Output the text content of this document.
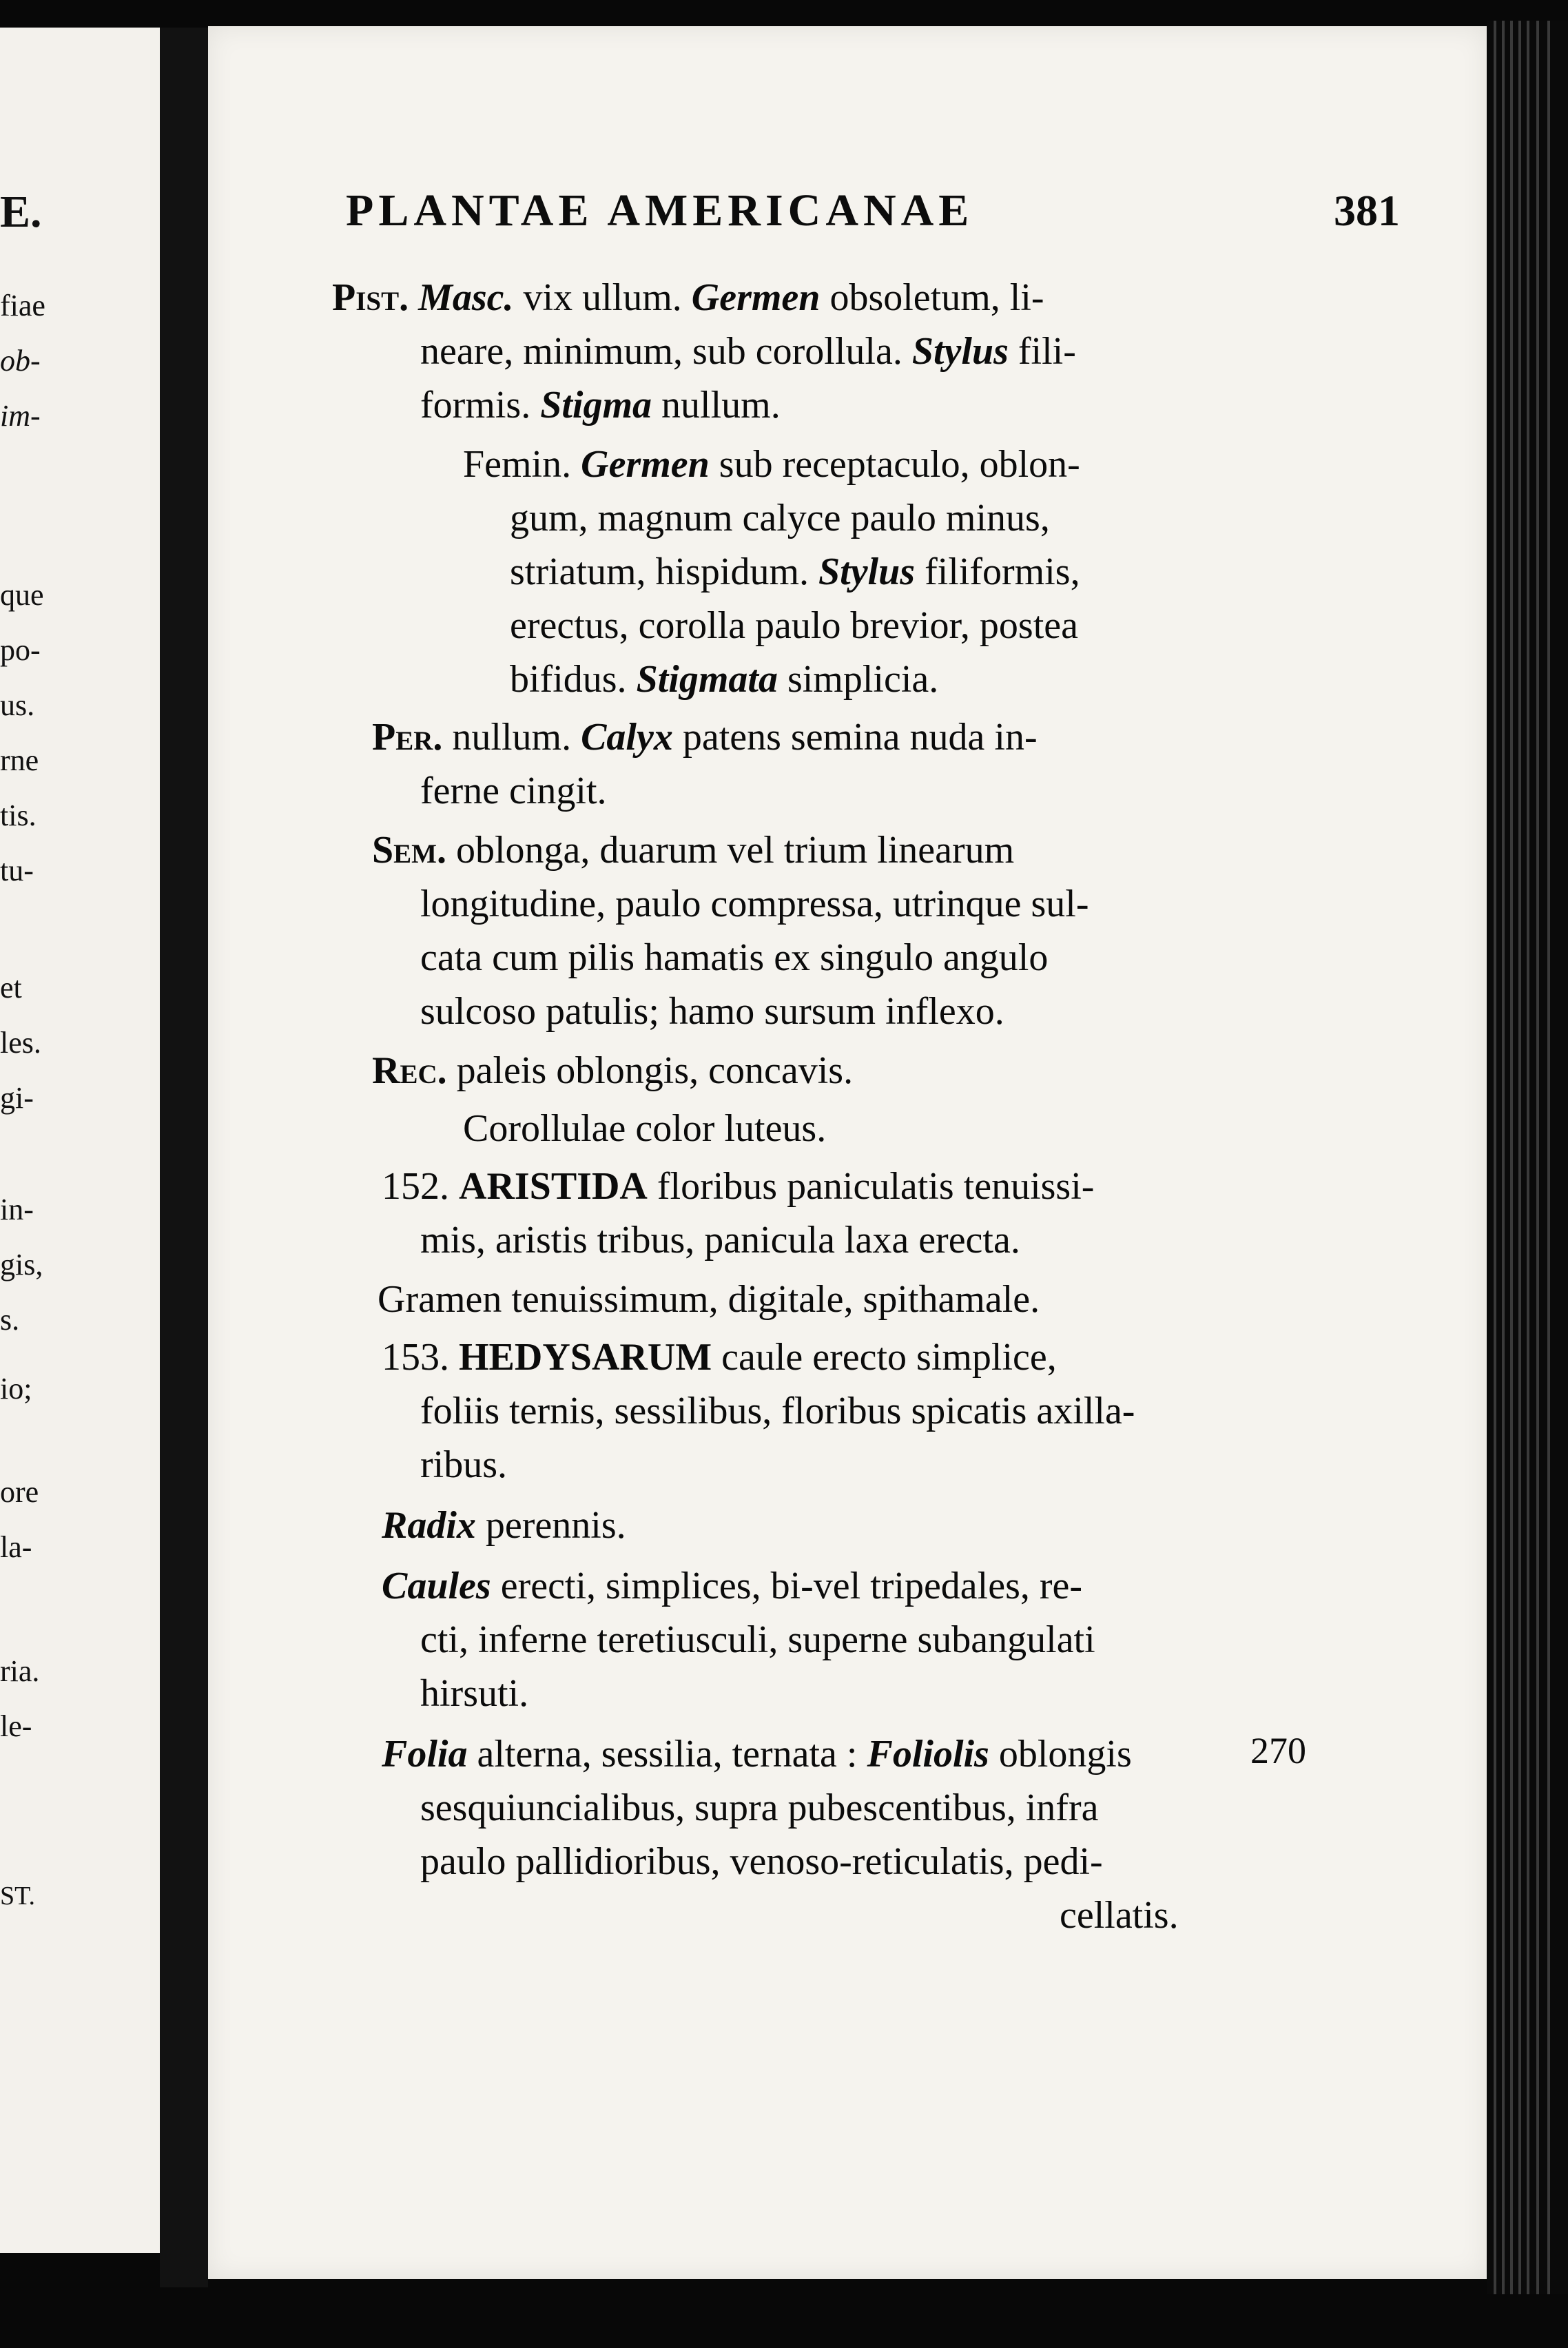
E.
fiae
ob-
im-
que
po-
us.
rne
tis.
tu-
et
les.
gi-
in-
gis,
s.
io;
ore
la-
ria.
le-
ST.
PLANTAE AMERICANAE	381
Pist. Masc. vix ullum. Germen obsoletum, li-
neare, minimum, sub corollula. Stylus fili-
formis. Stigma nullum.
Femin. Germen sub receptaculo, oblon-
gum, magnum calyce paulo minus,
striatum, hispidum. Stylus filiformis,
erectus, corolla paulo brevior, postea
bifidus. Stigmata simplicia.
Per. nullum. Calyx patens semina nuda in-
ferne cingit.
Sem. oblonga, duarum vel trium linearum
longitudine, paulo compressa, utrinque sul-
cata cum pilis hamatis ex singulo angulo
sulcoso patulis; hamo sursum inflexo.
Rec. paleis oblongis, concavis.
Corollulae color luteus.
152. ARISTIDA floribus paniculatis tenuissi-
mis, aristis tribus, panicula laxa erecta.
Gramen tenuissimum, digitale, spithamale.
153. HEDYSARUM caule erecto simplice,
foliis ternis, sessilibus, floribus spicatis axilla-
ribus.
Radix perennis.
Caules erecti, simplices, bi-vel tripedales, re-
cti, inferne teretiusculi, superne subangulati
hirsuti.
Folia alterna, sessilia, ternata : Foliolis oblongis
sesquiuncialibus, supra pubescentibus, infra
paulo pallidioribus, venoso-reticulatis, pedi-
cellatis.
270
